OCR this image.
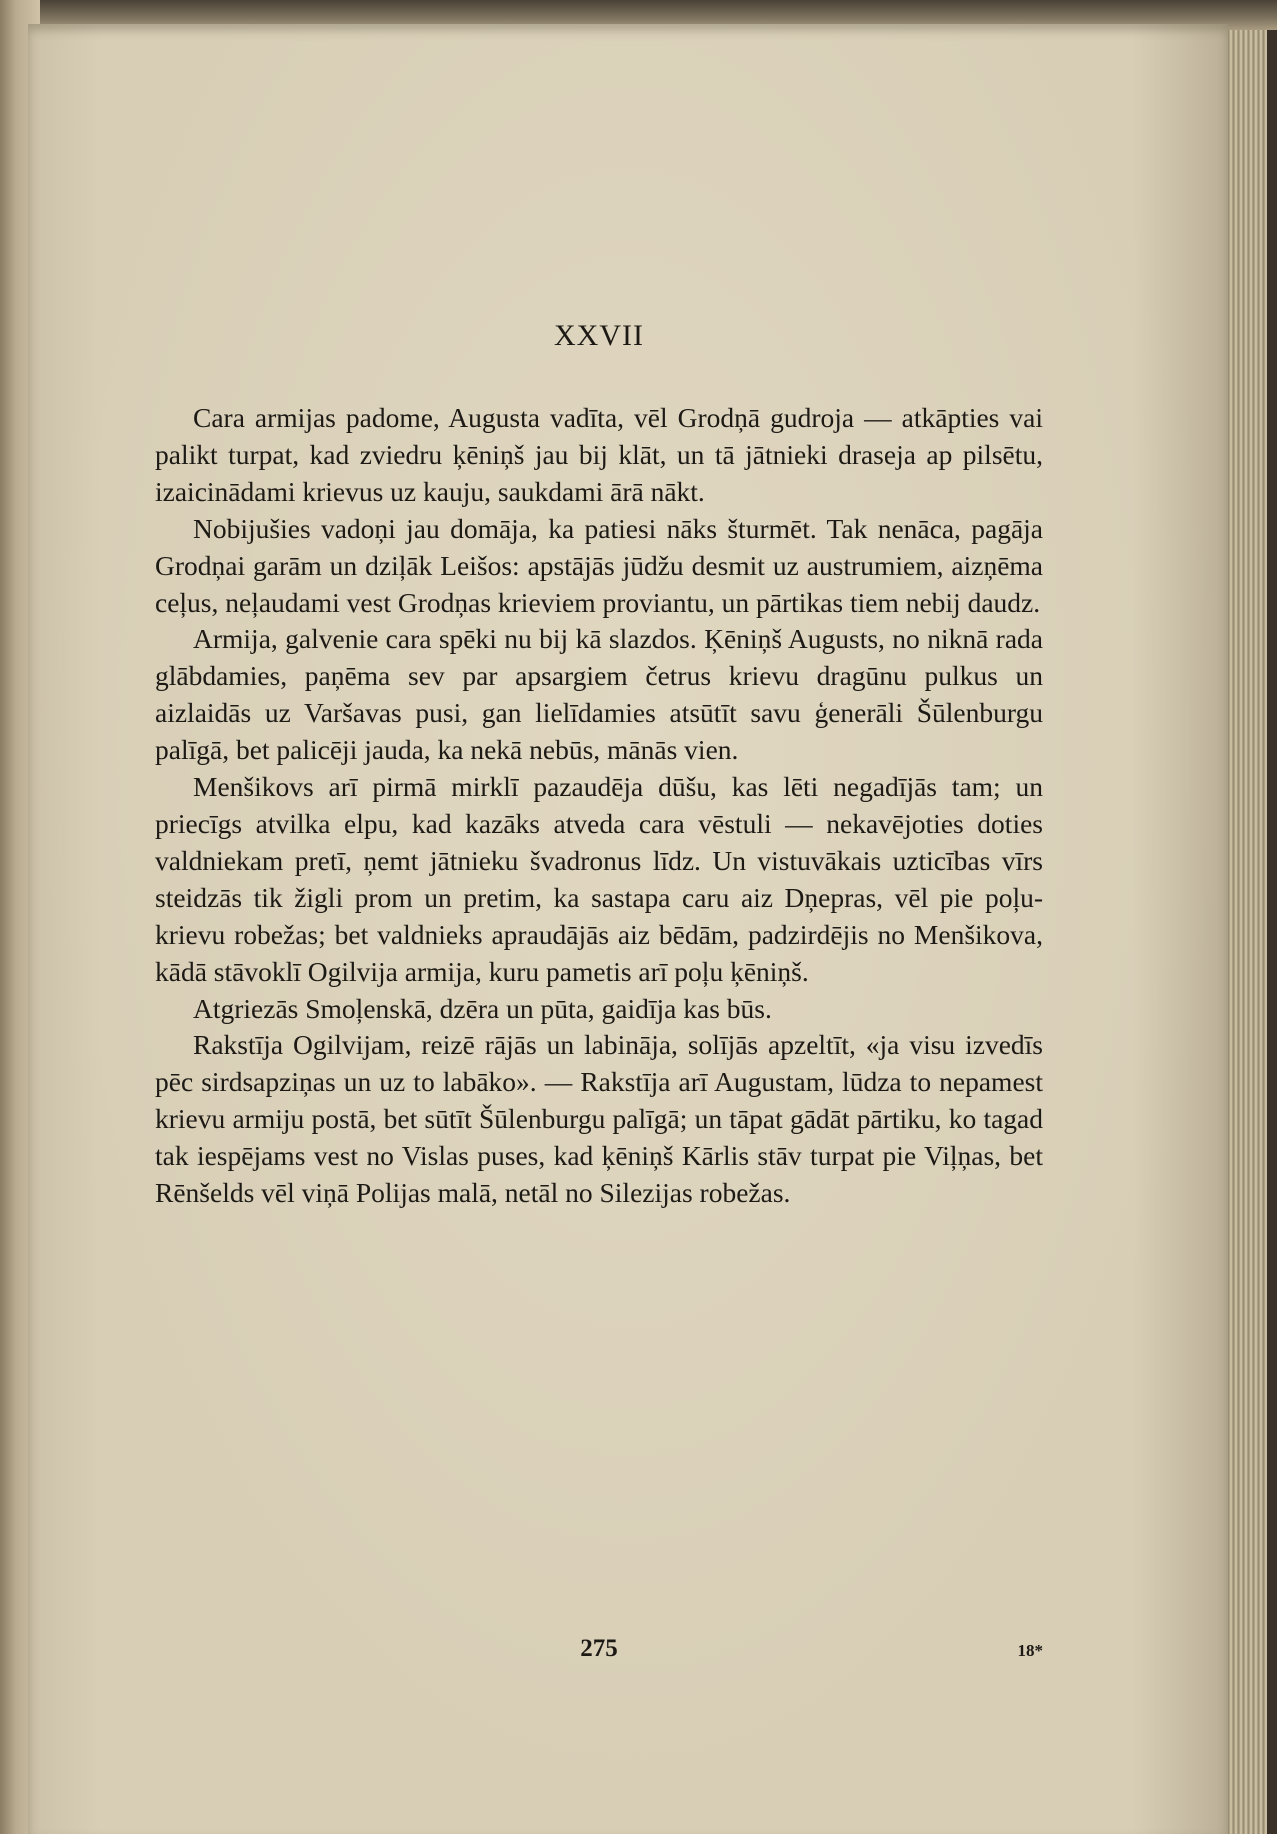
XXVII

Cara armijas padome, Augusta vadīta, vēl Grodņā gudroja — atkāpties vai palikt turpat, kad zviedru ķēniņš jau bij klāt, un tā jātnieki draseja ap pilsētu, izaicinādami krievus uz kauju, saukdami ārā nākt.

Nobijušies vadoņi jau domāja, ka patiesi nāks šturmēt. Tak nenāca, pagāja Grodņai garām un dziļāk Leišos: apstājās jūdžu desmit uz austrumiem, aizņēma ceļus, neļaudami vest Grodņas krieviem proviantu, un pārtikas tiem nebij daudz.

Armija, galvenie cara spēki nu bij kā slazdos. Ķēniņš Augusts, no niknā rada glābdamies, paņēma sev par apsargiem četrus krievu dragūnu pulkus un aizlaidās uz Varšavas pusi, gan lielīdamies atsūtīt savu ģenerāli Šūlenburgu palīgā, bet palicēji jauda, ka nekā nebūs, mānās vien.

Menšikovs arī pirmā mirklī pazaudēja dūšu, kas lēti negadījās tam; un priecīgs atvilka elpu, kad kazāks atveda cara vēstuli — nekavējoties doties valdniekam pretī, ņemt jātnieku švadronus līdz. Un vistuvākais uzticības vīrs steidzās tik žigli prom un pretim, ka sastapa caru aiz Dņepras, vēl pie poļu-krievu robežas; bet valdnieks apraudājās aiz bēdām, padzirdējis no Menšikova, kādā stāvoklī Ogilvija armija, kuru pametis arī poļu ķēniņš.

Atgriezās Smoļenskā, dzēra un pūta, gaidīja kas būs.

Rakstīja Ogilvijam, reizē rājās un labināja, solījās apzeltīt, «ja visu izvedīs pēc sirdsapziņas un uz to labāko». — Rakstīja arī Augustam, lūdza to nepamest krievu armiju postā, bet sūtīt Šūlenburgu palīgā; un tāpat gādāt pārtiku, ko tagad tak iespējams vest no Vislas puses, kad ķēniņš Kārlis stāv turpat pie Viļņas, bet Rēnšelds vēl viņā Polijas malā, netāl no Silezijas robežas.

275	18*
